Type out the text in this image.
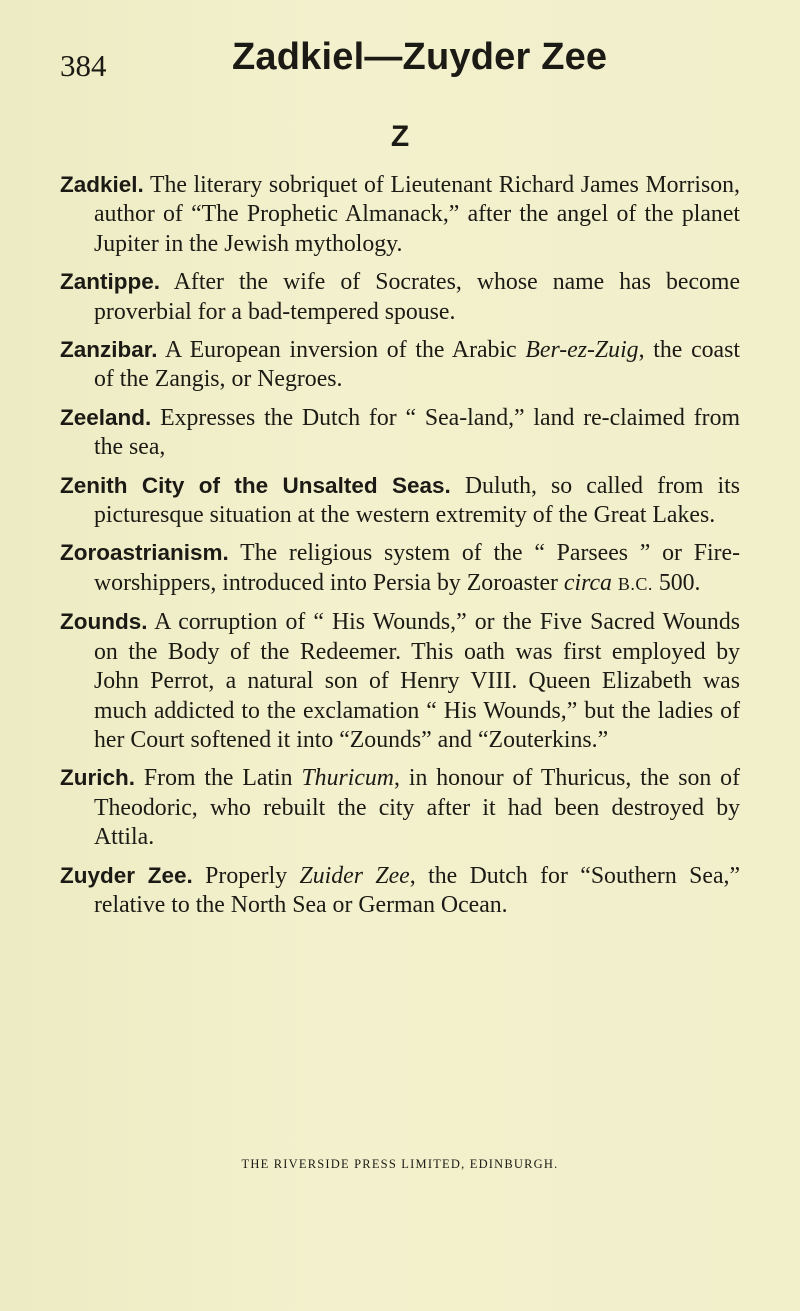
384	Zadkiel—Zuyder Zee
Z

Zadkiel. The literary sobriquet of Lieutenant Richard James Morrison, author of “The Prophetic Almanack,” after the angel of the planet Jupiter in the Jewish mythology.

Zantippe. After the wife of Socrates, whose name has become proverbial for a bad-tempered spouse.

Zanzibar. A European inversion of the Arabic Ber-ez-Zuig, the coast of the Zangis, or Negroes.

Zeeland. Expresses the Dutch for “ Sea-land,” land re-claimed from the sea,

Zenith City of the Unsalted Seas. Duluth, so called from its picturesque situation at the western extremity of the Great Lakes.

Zoroastrianism. The religious system of the “ Parsees ” or Fire-worshippers, introduced into Persia by Zoroaster circa B.C. 500.

Zounds. A corruption of “ His Wounds,” or the Five Sacred Wounds on the Body of the Redeemer. This oath was first employed by John Perrot, a natural son of Henry VIII. Queen Elizabeth was much addicted to the exclamation “ His Wounds,” but the ladies of her Court softened it into “Zounds” and “Zouterkins.”

Zurich. From the Latin Thuricum, in honour of Thuricus, the son of Theodoric, who rebuilt the city after it had been destroyed by Attila.

Zuyder Zee. Properly Zuider Zee, the Dutch for “Southern Sea,” relative to the North Sea or German Ocean.

THE RIVERSIDE PRESS LIMITED, EDINBURGH.
